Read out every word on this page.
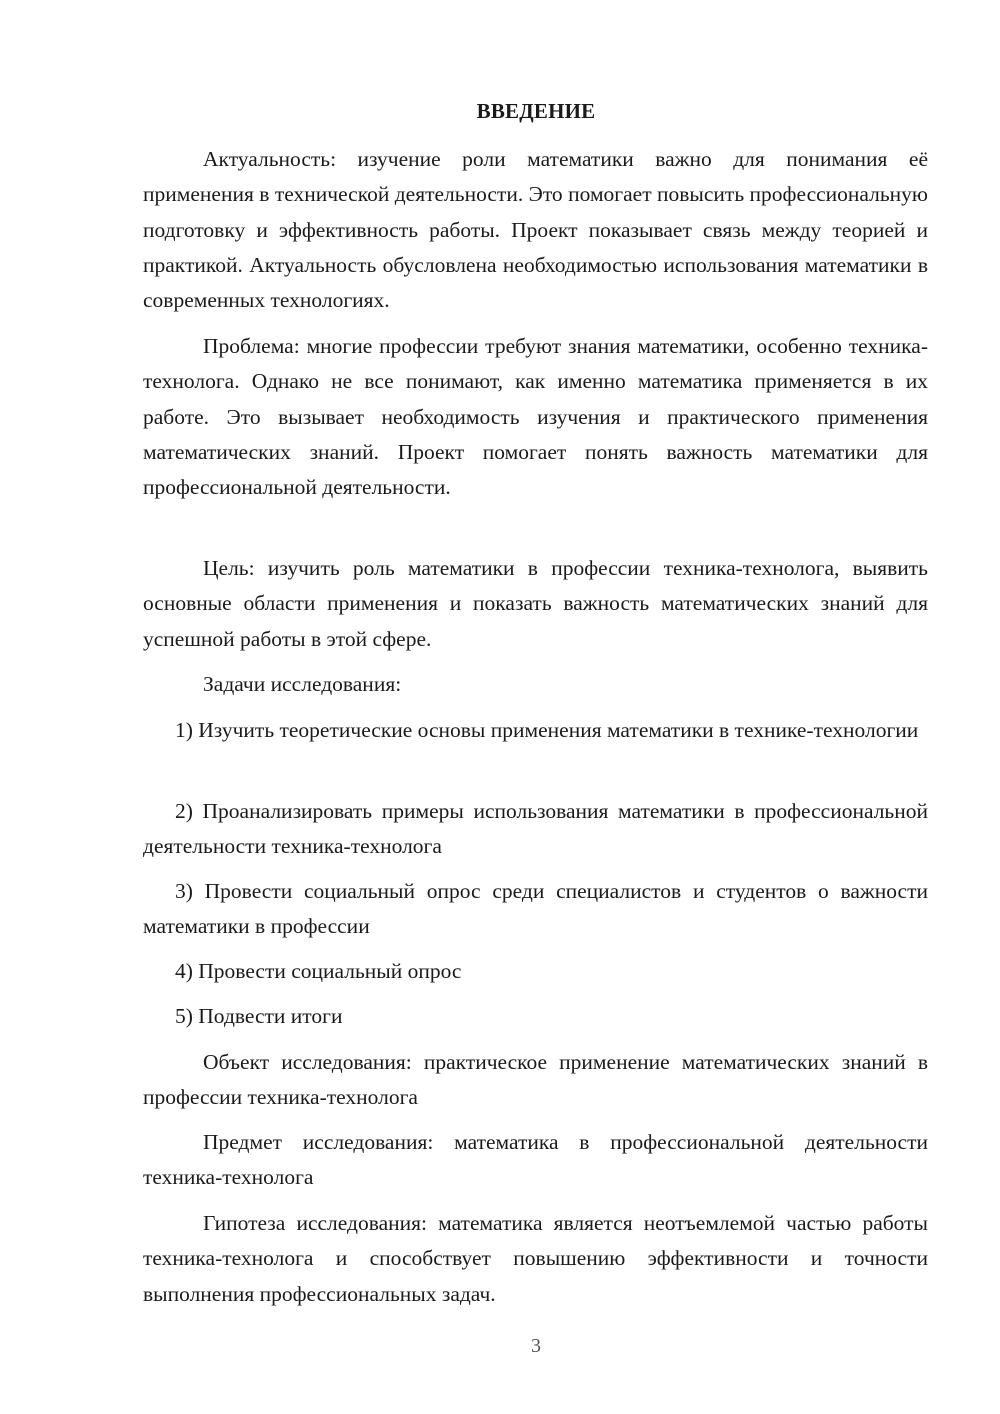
ВВЕДЕНИЕ

Актуальность: изучение роли математики важно для понимания её применения в технической деятельности. Это помогает повысить профессиональную подготовку и эффективность работы. Проект показывает связь между теорией и практикой. Актуальность обусловлена необходимостью использования математики в современных технологиях.

Проблема: многие профессии требуют знания математики, особенно техника-технолога. Однако не все понимают, как именно математика применяется в их работе. Это вызывает необходимость изучения и практического применения математических знаний. Проект помогает понять важность математики для профессиональной деятельности.

Цель: изучить роль математики в профессии техника-технолога, выявить основные области применения и показать важность математических знаний для успешной работы в этой сфере.

Задачи исследования:

1) Изучить теоретические основы применения математики в технике-технологии

2) Проанализировать примеры использования математики в профессиональной деятельности техника-технолога

3) Провести социальный опрос среди специалистов и студентов о важности математики в профессии

4) Провести социальный опрос

5) Подвести итоги

Объект исследования: практическое применение математических знаний в профессии техника-технолога

Предмет исследования: математика в профессиональной деятельности техника-технолога

Гипотеза исследования: математика является неотъемлемой частью работы техника-технолога и способствует повышению эффективности и точности выполнения профессиональных задач.

3
